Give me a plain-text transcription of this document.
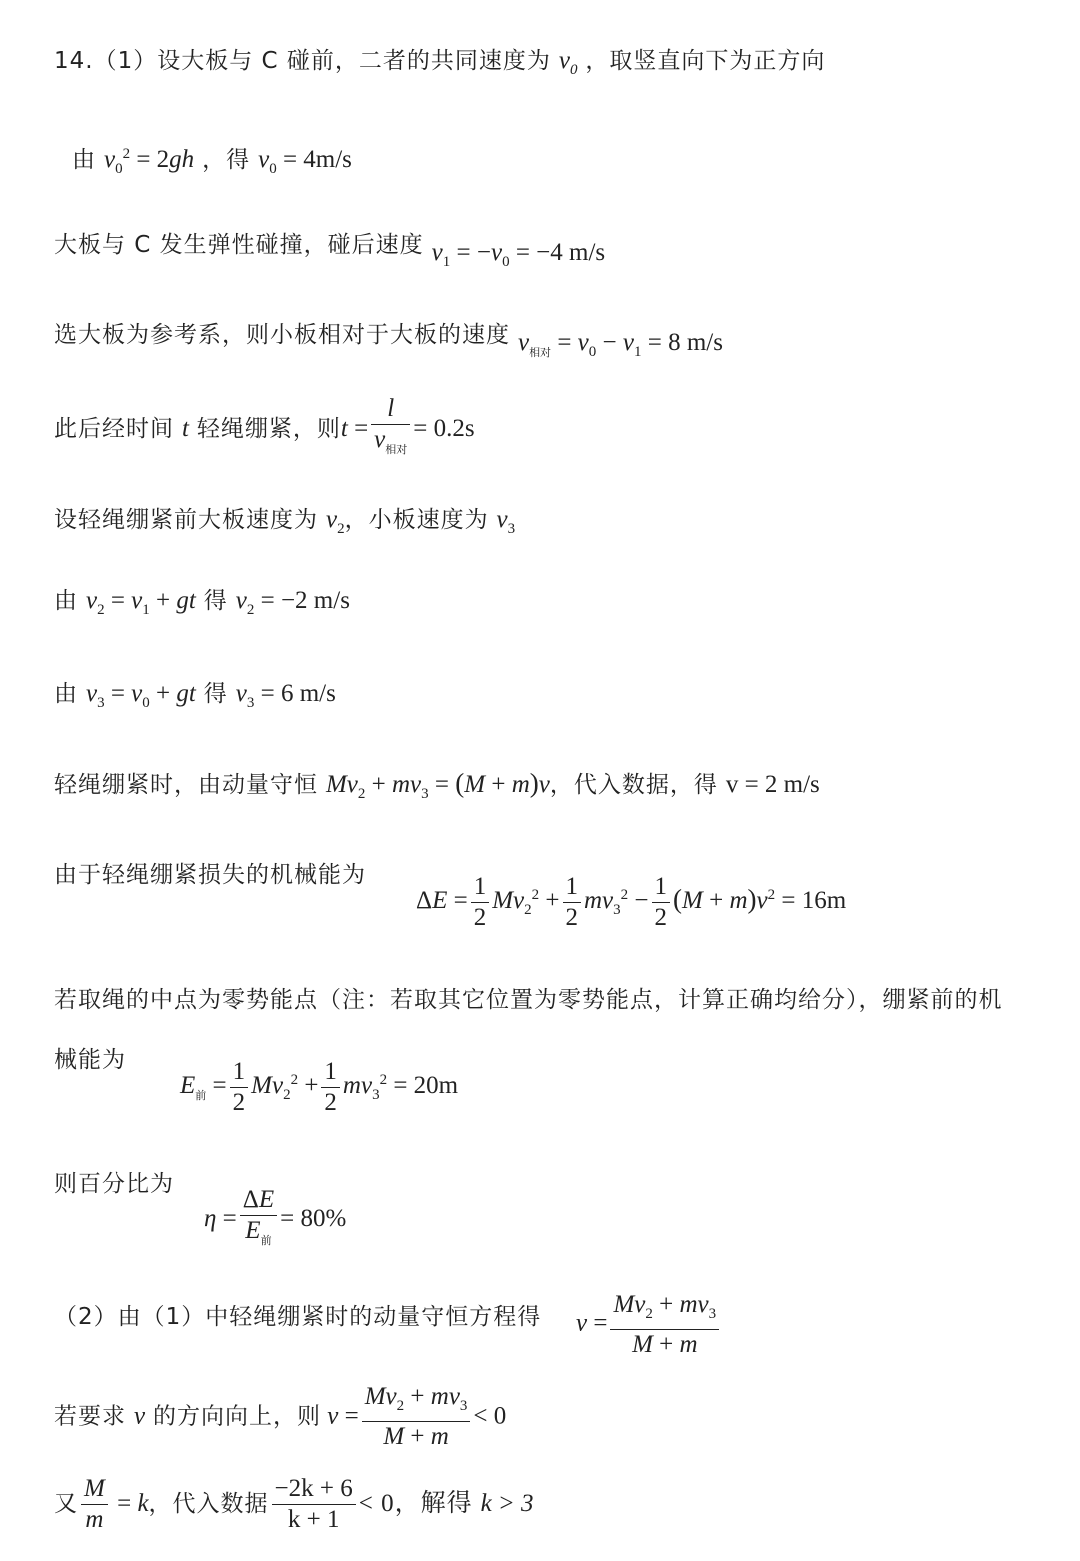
14.（1）设大板与 C 碰前，二者的共同速度为 $v_0$ ，取竖直向下为正方向
由 $v_0^2 = 2gh$ ，得 $v_0 = 4m/s$
大板与 C 发生弹性碰撞，碰后速度 $v_1 = -v_0 = -4$ m/s
选大板为参考系，则小板相对于大板的速度 $v_{相对} = v_0 - v_1 = 8$ m/s
此后经时间 t 轻绳绷紧，则$t = \frac{l}{v_{相对}} = 0.2s$
设轻绳绷紧前大板速度为 $v_2$，小板速度为 $v_3$
由 $v_2 = v_1$ + gt 得 $v_2 = -2$ m/s
由 $v_3 = v_0$ + gt 得 $v_3 = 6$ m/s
轻绳绷紧时，由动量守恒 $Mv_2 + mv_3 = (M + m)v$，代入数据，得 v = 2 m/s
由于轻绳绷紧损失的机械能为
$\Delta E = \frac{1}{2} Mv_2^2 + \frac{1}{2} mv_3^2 - \frac{1}{2} (M + m)v^2 = 16m$
若取绳的中点为零势能点（注：若取其它位置为零势能点，计算正确均给分），绷紧前的机
械能为
$E_前 = \frac{1}{2} Mv_2^2 + \frac{1}{2} mv_3^2 = 20m$
则百分比为
$\eta = \frac{\Delta E}{E_前} = 80\%$
（2）由（1）中轻绳绷紧时的动量守恒方程得 $v = \frac{Mv_2 + mv_3}{M + m}$
若要求 v 的方向向上，则 $v = \frac{Mv_2 + mv_3}{M + m} < 0$
又 $\frac{M}{m} = k$，代入数据 $\frac{-2k + 6}{k + 1} < 0$，解得 k > 3
